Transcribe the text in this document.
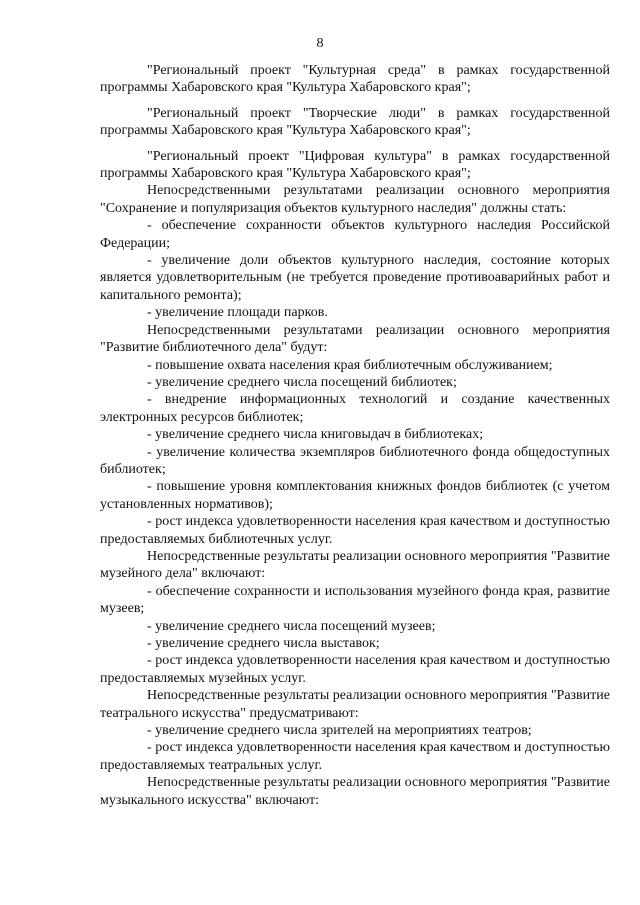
8

"Региональный проект "Культурная среда" в рамках государственной программы Хабаровского края "Культура Хабаровского края";

"Региональный проект "Творческие люди" в рамках государственной программы Хабаровского края "Культура Хабаровского края";

"Региональный проект "Цифровая культура" в рамках государственной программы Хабаровского края "Культура Хабаровского края";

Непосредственными результатами реализации основного мероприятия "Сохранение и популяризация объектов культурного наследия" должны стать:

- обеспечение сохранности объектов культурного наследия Российской Федерации;

- увеличение доли объектов культурного наследия, состояние которых является удовлетворительным (не требуется проведение противоаварийных работ и капитального ремонта);

- увеличение площади парков.

Непосредственными результатами реализации основного мероприятия "Развитие библиотечного дела" будут:

- повышение охвата населения края библиотечным обслуживанием;

- увеличение среднего числа посещений библиотек;

- внедрение информационных технологий и создание качественных электронных ресурсов библиотек;

- увеличение среднего числа книговыдач в библиотеках;

- увеличение количества экземпляров библиотечного фонда общедоступных библиотек;

- повышение уровня комплектования книжных фондов библиотек (с учетом установленных нормативов);

- рост индекса удовлетворенности населения края качеством и доступностью предоставляемых библиотечных услуг.

Непосредственные результаты реализации основного мероприятия "Развитие музейного дела" включают:

- обеспечение сохранности и использования музейного фонда края, развитие музеев;

- увеличение среднего числа посещений музеев;

- увеличение среднего числа выставок;

- рост индекса удовлетворенности населения края качеством и доступностью предоставляемых музейных услуг.

Непосредственные результаты реализации основного мероприятия "Развитие театрального искусства" предусматривают:

- увеличение среднего числа зрителей на мероприятиях театров;

- рост индекса удовлетворенности населения края качеством и доступностью предоставляемых театральных услуг.

Непосредственные результаты реализации основного мероприятия "Развитие музыкального искусства" включают:
